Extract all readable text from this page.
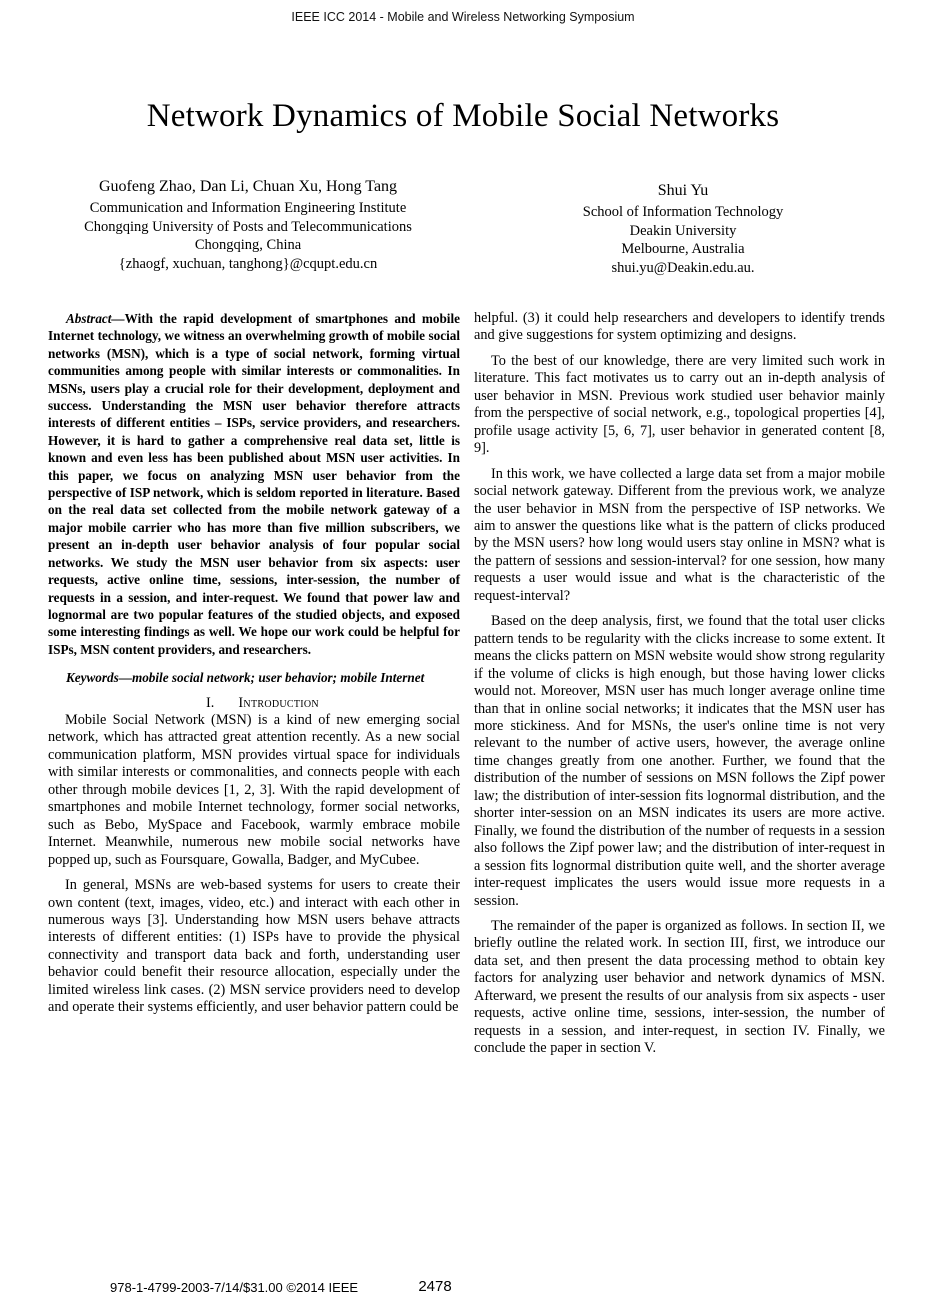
IEEE ICC 2014 - Mobile and Wireless Networking Symposium
Network Dynamics of Mobile Social Networks
Guofeng Zhao, Dan Li, Chuan Xu, Hong Tang
Communication and Information Engineering Institute
Chongqing University of Posts and Telecommunications
Chongqing, China
{zhaogf, xuchuan, tanghong}@cqupt.edu.cn
Shui Yu
School of Information Technology
Deakin University
Melbourne, Australia
shui.yu@Deakin.edu.au.

Abstract—With the rapid development of smartphones and mobile Internet technology, we witness an overwhelming growth of mobile social networks (MSN), which is a type of social network, forming virtual communities among people with similar interests or commonalities. In MSNs, users play a crucial role for their development, deployment and success. Understanding the MSN user behavior therefore attracts interests of different entities – ISPs, service providers, and researchers. However, it is hard to gather a comprehensive real data set, little is known and even less has been published about MSN user activities. In this paper, we focus on analyzing MSN user behavior from the perspective of ISP network, which is seldom reported in literature. Based on the real data set collected from the mobile network gateway of a major mobile carrier who has more than five million subscribers, we present an in-depth user behavior analysis of four popular social networks. We study the MSN user behavior from six aspects: user requests, active online time, sessions, inter-session, the number of requests in a session, and inter-request. We found that power law and lognormal are two popular features of the studied objects, and exposed some interesting findings as well. We hope our work could be helpful for ISPs, MSN content providers, and researchers.

Keywords—mobile social network; user behavior; mobile Internet

I. Introduction

Mobile Social Network (MSN) is a kind of new emerging social network, which has attracted great attention recently. As a new social communication platform, MSN provides virtual space for individuals with similar interests or commonalities, and connects people with each other through mobile devices [1, 2, 3]. With the rapid development of smartphones and mobile Internet technology, former social networks, such as Bebo, MySpace and Facebook, warmly embrace mobile Internet. Meanwhile, numerous new mobile social networks have popped up, such as Foursquare, Gowalla, Badger, and MyCubee.

In general, MSNs are web-based systems for users to create their own content (text, images, video, etc.) and interact with each other in numerous ways [3]. Understanding how MSN users behave attracts interests of different entities: (1) ISPs have to provide the physical connectivity and transport data back and forth, understanding user behavior could benefit their resource allocation, especially under the limited wireless link cases. (2) MSN service providers need to develop and operate their systems efficiently, and user behavior pattern could be

helpful. (3) it could help researchers and developers to identify trends and give suggestions for system optimizing and designs.

To the best of our knowledge, there are very limited such work in literature. This fact motivates us to carry out an in-depth analysis of user behavior in MSN. Previous work studied user behavior mainly from the perspective of social network, e.g., topological properties [4], profile usage activity [5, 6, 7], user behavior in generated content [8, 9].

In this work, we have collected a large data set from a major mobile social network gateway. Different from the previous work, we analyze the user behavior in MSN from the perspective of ISP networks. We aim to answer the questions like what is the pattern of clicks produced by the MSN users? how long would users stay online in MSN? what is the pattern of sessions and session-interval? for one session, how many requests a user would issue and what is the characteristic of the request-interval?

Based on the deep analysis, first, we found that the total user clicks pattern tends to be regularity with the clicks increase to some extent. It means the clicks pattern on MSN website would show strong regularity if the volume of clicks is high enough, but those having lower clicks would not. Moreover, MSN user has much longer average online time than that in online social networks; it indicates that the MSN user has more stickiness. And for MSNs, the user's online time is not very relevant to the number of active users, however, the average online time changes greatly from one another. Further, we found that the distribution of the number of sessions on MSN follows the Zipf power law; the distribution of inter-session fits lognormal distribution, and the shorter inter-session on an MSN indicates its users are more active. Finally, we found the distribution of the number of requests in a session also follows the Zipf power law; and the distribution of inter-request in a session fits lognormal distribution quite well, and the shorter average inter-request implicates the users would issue more requests in a session.

The remainder of the paper is organized as follows. In section II, we briefly outline the related work. In section III, first, we introduce our data set, and then present the data processing method to obtain key factors for analyzing user behavior and network dynamics of MSN. Afterward, we present the results of our analysis from six aspects - user requests, active online time, sessions, inter-session, the number of requests in a session, and inter-request, in section IV. Finally, we conclude the paper in section V.

978-1-4799-2003-7/14/$31.00 ©2014 IEEE	2478
